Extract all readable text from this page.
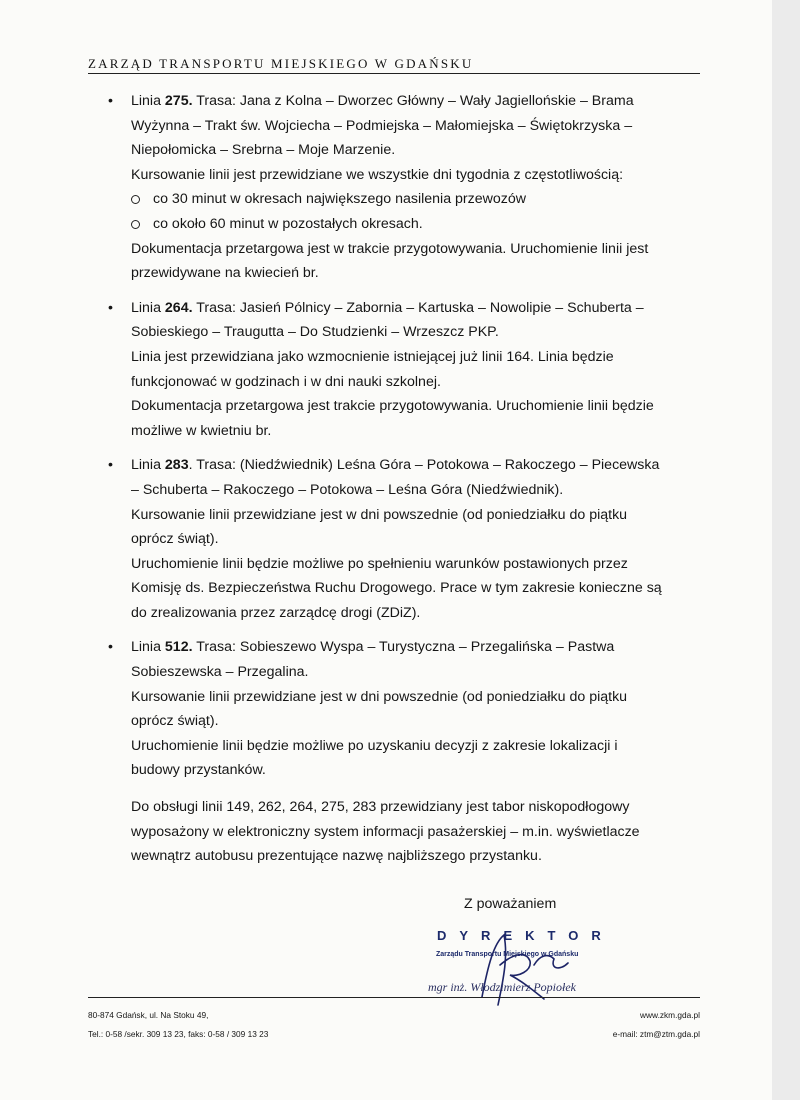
ZARZĄD TRANSPORTU MIEJSKIEGO W GDAŃSKU
• Linia 275. Trasa: Jana z Kolna – Dworzec Główny – Wały Jagiellońskie – Brama
Wyżynna – Trakt św. Wojciecha – Podmiejska – Małomiejska – Świętokrzyska –
Niepołomicka – Srebrna – Moje Marzenie.
Kursowanie linii jest przewidziane we wszystkie dni tygodnia z częstotliwością:
co 30 minut w okresach największego nasilenia przewozów
co około 60 minut w pozostałych okresach.
Dokumentacja przetargowa jest w trakcie przygotowywania. Uruchomienie linii jest
przewidywane na kwiecień br.
• Linia 264. Trasa: Jasień Pólnicy – Zabornia – Kartuska – Nowolipie – Schuberta –
Sobieskiego – Traugutta – Do Studzienki – Wrzeszcz PKP.
Linia jest przewidziana jako wzmocnienie istniejącej już linii 164. Linia będzie
funkcjonować w godzinach i w dni nauki szkolnej.
Dokumentacja przetargowa jest trakcie przygotowywania. Uruchomienie linii będzie
możliwe w kwietniu br.
• Linia 283. Trasa: (Niedźwiednik) Leśna Góra – Potokowa – Rakoczego – Piecewska
– Schuberta – Rakoczego – Potokowa – Leśna Góra (Niedźwiednik).
Kursowanie linii przewidziane jest w dni powszednie (od poniedziałku do piątku
oprócz świąt).
Uruchomienie linii będzie możliwe po spełnieniu warunków postawionych przez
Komisję ds. Bezpieczeństwa Ruchu Drogowego. Prace w tym zakresie konieczne są
do zrealizowania przez zarządcę drogi (ZDiZ).
• Linia 512. Trasa: Sobieszewo Wyspa – Turystyczna – Przegalińska – Pastwa
Sobieszewska – Przegalina.
Kursowanie linii przewidziane jest w dni powszednie (od poniedziałku do piątku
oprócz świąt).
Uruchomienie linii będzie możliwe po uzyskaniu decyzji z zakresie lokalizacji i
budowy przystanków.
Do obsługi linii 149, 262, 264, 275, 283 przewidziany jest tabor niskopodłogowy
wyposażony w elektroniczny system informacji pasażerskiej – m.in. wyświetlacze
wewnątrz autobusu prezentujące nazwę najbliższego przystanku.
Z poważaniem
DYREKTOR
Zarządu Transportu Miejskiego w Gdańsku
mgr inż. Włodzimierz Popiołek
80-874 Gdańsk, ul. Na Stoku 49,
Tel.: 0-58 /sekr. 309 13 23, faks: 0-58 / 309 13 23
www.zkm.gda.pl
e-mail: ztm@ztm.gda.pl
